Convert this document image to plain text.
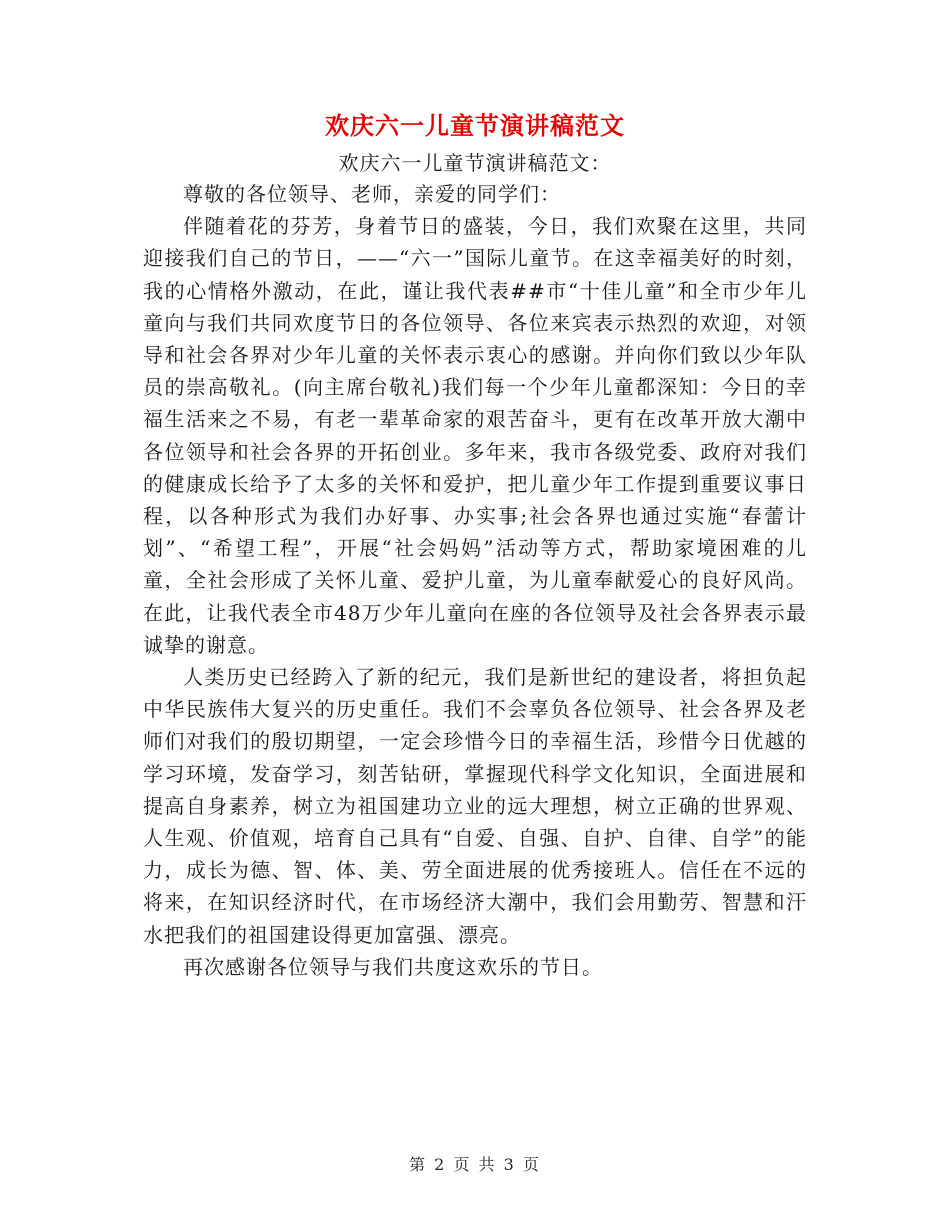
欢庆六一儿童节演讲稿范文
欢庆六一儿童节演讲稿范文：

尊敬的各位领导、老师，亲爱的同学们：

伴随着花的芬芳，身着节日的盛装，今日，我们欢聚在这里，共同迎接我们自己的节日，——“六一”国际儿童节。在这幸福美好的时刻，我的心情格外激动，在此，谨让我代表##市“十佳儿童”和全市少年儿童向与我们共同欢度节日的各位领导、各位来宾表示热烈的欢迎，对领导和社会各界对少年儿童的关怀表示衷心的感谢。并向你们致以少年队员的崇高敬礼。(向主席台敬礼)我们每一个少年儿童都深知：今日的幸福生活来之不易，有老一辈革命家的艰苦奋斗，更有在改革开放大潮中各位领导和社会各界的开拓创业。多年来，我市各级党委、政府对我们的健康成长给予了太多的关怀和爱护，把儿童少年工作提到重要议事日程，以各种形式为我们办好事、办实事;社会各界也通过实施“春蕾计划”、“希望工程”，开展“社会妈妈”活动等方式，帮助家境困难的儿童，全社会形成了关怀儿童、爱护儿童，为儿童奉献爱心的良好风尚。在此，让我代表全市48万少年儿童向在座的各位领导及社会各界表示最诚挚的谢意。

人类历史已经跨入了新的纪元，我们是新世纪的建设者，将担负起中华民族伟大复兴的历史重任。我们不会辜负各位领导、社会各界及老师们对我们的殷切期望，一定会珍惜今日的幸福生活，珍惜今日优越的学习环境，发奋学习，刻苦钻研，掌握现代科学文化知识，全面进展和提高自身素养，树立为祖国建功立业的远大理想，树立正确的世界观、人生观、价值观，培育自己具有“自爱、自强、自护、自律、自学”的能力，成长为德、智、体、美、劳全面进展的优秀接班人。信任在不远的将来，在知识经济时代，在市场经济大潮中，我们会用勤劳、智慧和汗水把我们的祖国建设得更加富强、漂亮。

再次感谢各位领导与我们共度这欢乐的节日。

第 2 页 共 3 页
